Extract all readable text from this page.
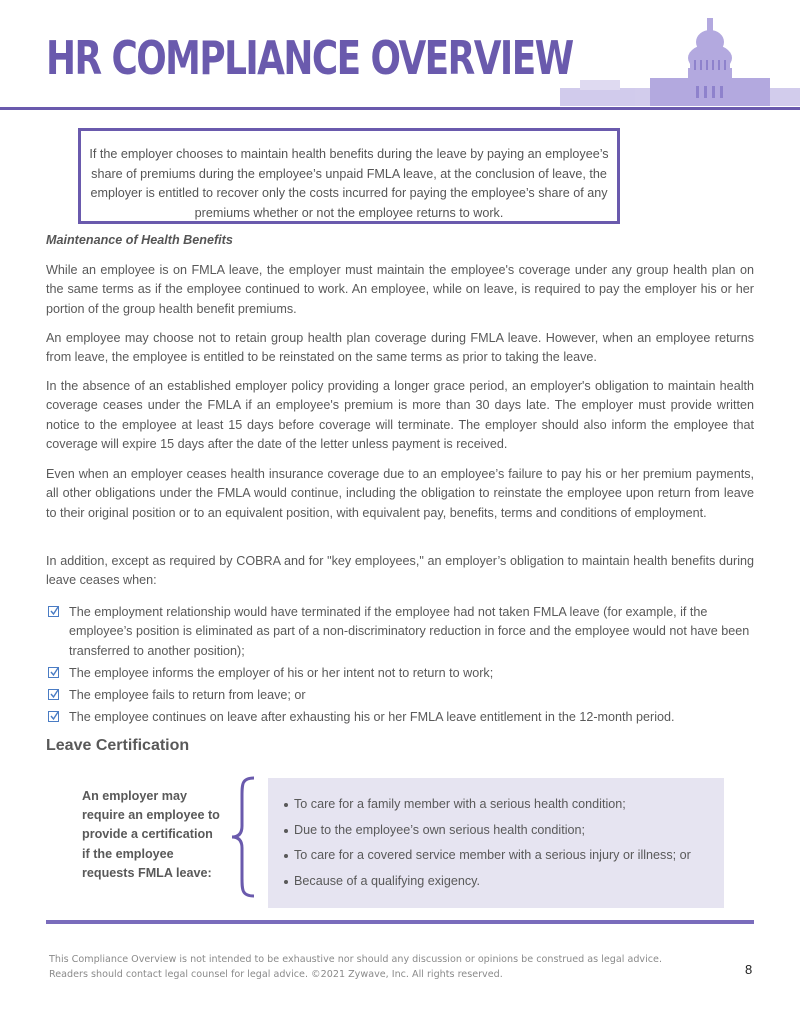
HR COMPLIANCE OVERVIEW
If the employer chooses to maintain health benefits during the leave by paying an employee’s share of premiums during the employee’s unpaid FMLA leave, at the conclusion of leave, the employer is entitled to recover only the costs incurred for paying the employee’s share of any premiums whether or not the employee returns to work.
Maintenance of Health Benefits
While an employee is on FMLA leave, the employer must maintain the employee's coverage under any group health plan on the same terms as if the employee continued to work. An employee, while on leave, is required to pay the employer his or her portion of the group health benefit premiums.
An employee may choose not to retain group health plan coverage during FMLA leave. However, when an employee returns from leave, the employee is entitled to be reinstated on the same terms as prior to taking the leave.
In the absence of an established employer policy providing a longer grace period, an employer's obligation to maintain health coverage ceases under the FMLA if an employee's premium is more than 30 days late. The employer must provide written notice to the employee at least 15 days before coverage will terminate. The employer should also inform the employee that coverage will expire 15 days after the date of the letter unless payment is received.
Even when an employer ceases health insurance coverage due to an employee’s failure to pay his or her premium payments, all other obligations under the FMLA would continue, including the obligation to reinstate the employee upon return from leave to their original position or to an equivalent position, with equivalent pay, benefits, terms and conditions of employment.
In addition, except as required by COBRA and for "key employees," an employer’s obligation to maintain health benefits during leave ceases when:
The employment relationship would have terminated if the employee had not taken FMLA leave (for example, if the employee’s position is eliminated as part of a non-discriminatory reduction in force and the employee would not have been transferred to another position);
The employee informs the employer of his or her intent not to return to work;
The employee fails to return from leave; or
The employee continues on leave after exhausting his or her FMLA leave entitlement in the 12-month period.
Leave Certification
An employer may require an employee to provide a certification if the employee requests FMLA leave:
To care for a family member with a serious health condition;
Due to the employee’s own serious health condition;
To care for a covered service member with a serious injury or illness; or
Because of a qualifying exigency.
This Compliance Overview is not intended to be exhaustive nor should any discussion or opinions be construed as legal advice. Readers should contact legal counsel for legal advice. ©2021 Zywave, Inc. All rights reserved.	8
